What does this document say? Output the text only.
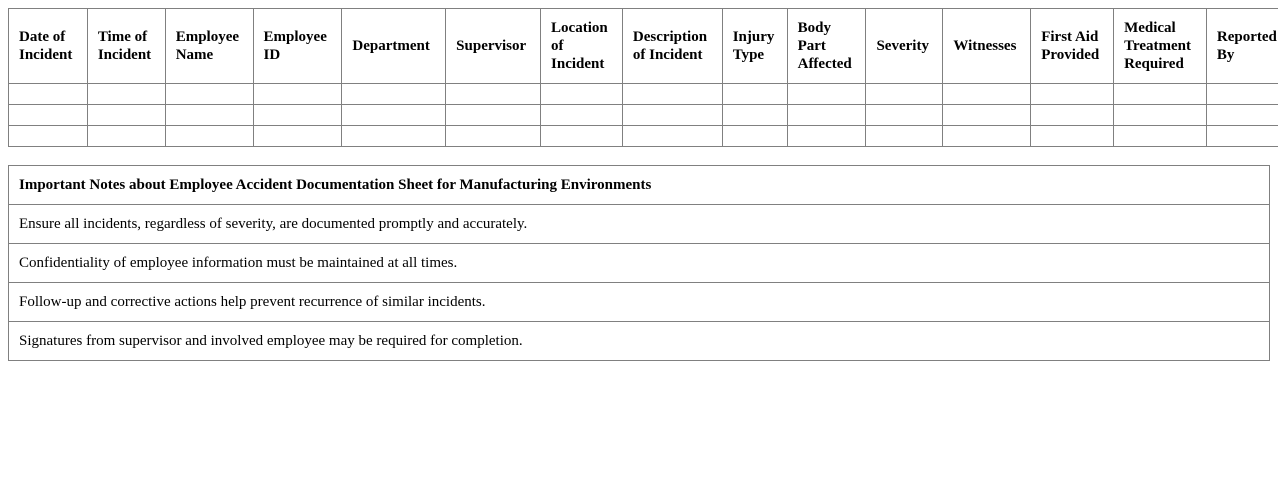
Date of Incident	Time of Incident	Employee Name	Employee ID	Department	Supervisor	Location of Incident	Description of Incident	Injury Type	Body Part Affected	Severity	Witnesses	First Aid Provided	Medical Treatment Required	Reported By

Important Notes about Employee Accident Documentation Sheet for Manufacturing Environments
Ensure all incidents, regardless of severity, are documented promptly and accurately.
Confidentiality of employee information must be maintained at all times.
Follow-up and corrective actions help prevent recurrence of similar incidents.
Signatures from supervisor and involved employee may be required for completion.
